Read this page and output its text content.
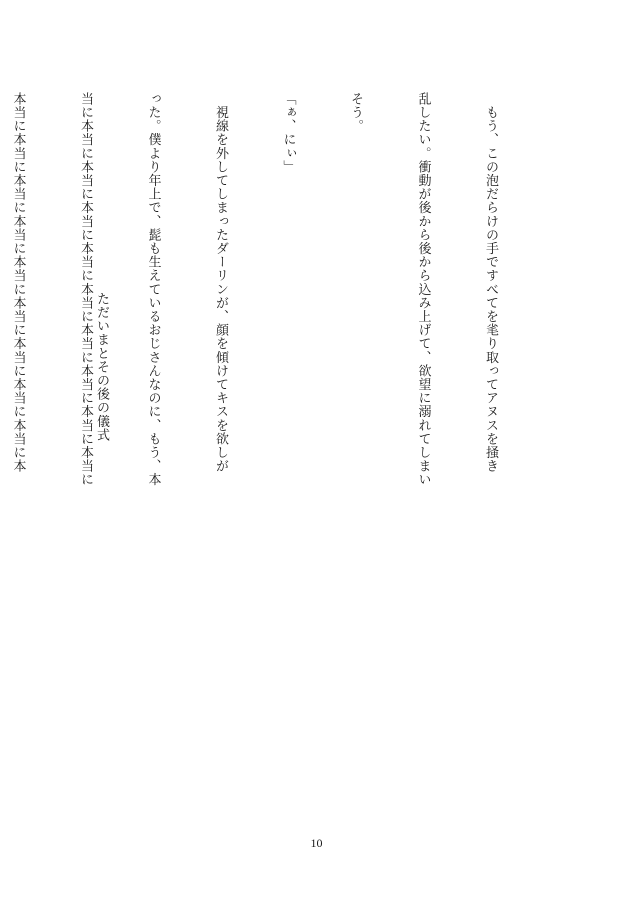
　もう、この泡だらけの手ですべてを毟り取ってアヌスを掻き

乱したい。衝動が後から後から込み上げて、欲望に溺れてしまい

そう。

「ぁ、にぃ」

　視線を外してしまったダーリンが、顔を傾けてキスを欲しが

った。僕より年上で、髭も生えているおじさんなのに、もう、本

当に本当に本当に本当に本当に本当に本当に本当に本当に本当に

本当に本当に本当に本当に本当に本当に本当に本当に本当に本

	ただいまとその後の儀式
10
